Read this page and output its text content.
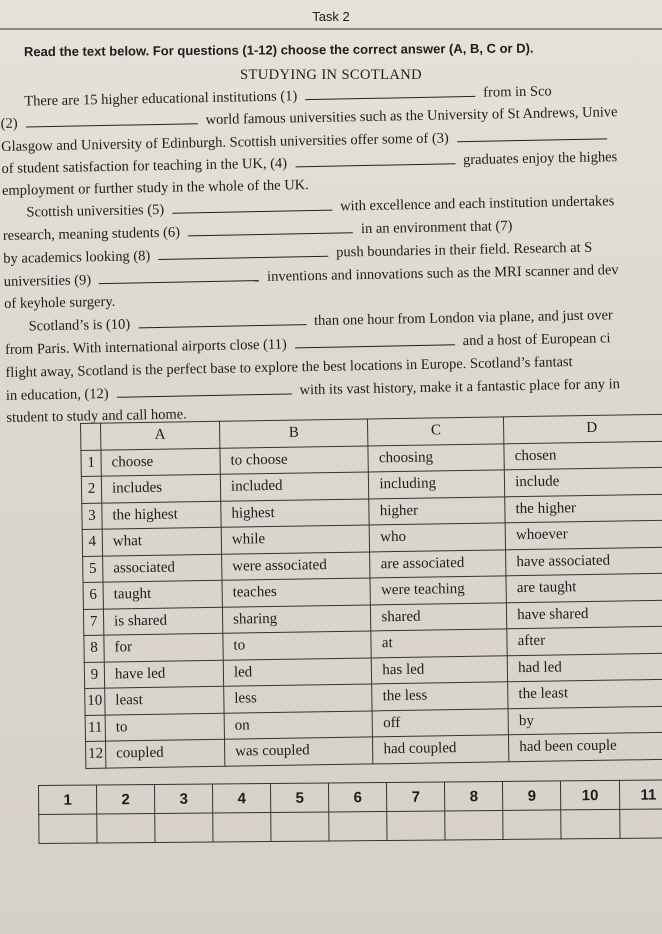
Task 2
Read the text below. For questions (1-12) choose the correct answer (A, B, C or D).
STUDYING IN SCOTLAND
There are 15 higher educational institutions (1)	from in Sco
(2)	world famous universities such as the University of St Andrews, Unive
Glasgow and University of Edinburgh. Scottish universities offer some of (3)
of student satisfaction for teaching in the UK, (4)	graduates enjoy the highes
employment or further study in the whole of the UK.
Scottish universities (5)	with excellence and each institution undertakes
research, meaning students (6)	in an environment that (7)
by academics looking (8)	push boundaries in their field. Research at S
universities (9)	inventions and innovations such as the MRI scanner and dev
of keyhole surgery.
Scotland’s is (10)	than one hour from London via plane, and just over
from Paris. With international airports close (11)	and a host of European ci
flight away, Scotland is the perfect base to explore the best locations in Europe. Scotland’s fantast
in education, (12)	with its vast history, make it a fantastic place for any in
student to study and call home.
	A	B	C	D
1	choose	to choose	choosing	chosen
2	includes	included	including	include
3	the highest	highest	higher	the higher
4	what	while	who	whoever
5	associated	were associated	are associated	have associated
6	taught	teaches	were teaching	are taught
7	is shared	sharing	shared	have shared
8	for	to	at	after
9	have led	led	has led	had led
10	least	less	the less	the least
11	to	on	off	by
12	coupled	was coupled	had coupled	had been couple
1	2	3	4	5	6	7	8	9	10	11
